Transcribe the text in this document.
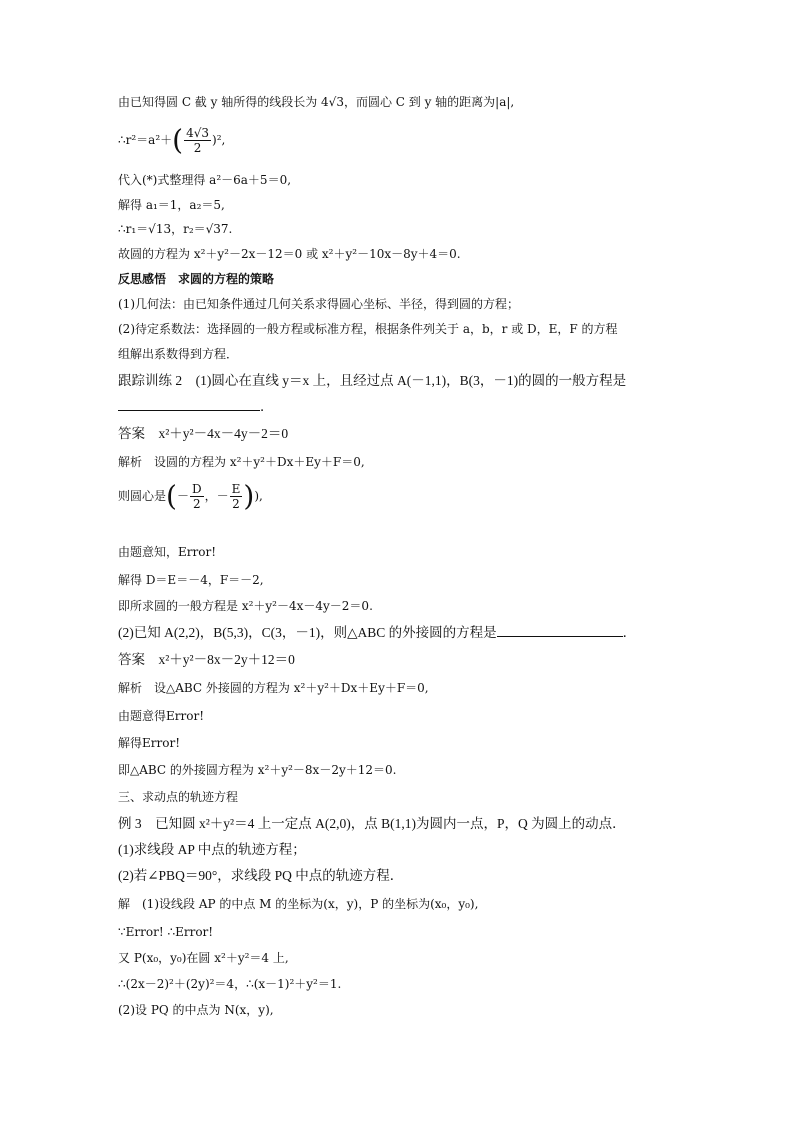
由已知得圆 C 截 y 轴所得的线段长为 4√3，而圆心 C 到 y 轴的距离为|a|,
∴r²＝a²＋( $\frac{4√3}{2} )^2$,
代入(*)式整理得 a²－6a＋5＝0,
解得 a₁＝1，a₂＝5,
∴r₁＝√13，r₂＝√37.
故圆的方程为 x²＋y²－2x－12＝0 或 x²＋y²－10x－8y＋4＝0.
反思感悟　求圆的方程的策略
(1)几何法：由已知条件通过几何关系求得圆心坐标、半径，得到圆的方程；
(2)待定系数法：选择圆的一般方程或标准方程，根据条件列关于 a，b，r 或 D，E，F 的方程
组解出系数得到方程．
跟踪训练 2　(1)圆心在直线 y＝x 上，且经过点 A(－1,1)，B(3，－1)的圆的一般方程是
．
答案　x²＋y²－4x－4y－2＝0
解析　设圆的方程为 x²＋y²＋Dx＋Ey＋F＝0,
则圆心是(－ $\frac{D}{2}$ ，－ $\frac{E}{2}$ )),
由题意知，Error!
解得 D＝E＝－4，F＝－2,
即所求圆的一般方程是 x²＋y²－4x－4y－2＝0.
(2)已知 A(2,2)，B(5,3)，C(3，－1)，则△ABC 的外接圆的方程是	．
答案　x²＋y²－8x－2y＋12＝0
解析　设△ABC 外接圆的方程为 x²＋y²＋Dx＋Ey＋F＝0,
由题意得Error!
解得Error!
即△ABC 的外接圆方程为 x²＋y²－8x－2y＋12＝0.
三、求动点的轨迹方程
例 3　已知圆 x²＋y²＝4 上一定点 A(2,0)，点 B(1,1)为圆内一点，P，Q 为圆上的动点．
(1)求线段 AP 中点的轨迹方程；
(2)若∠PBQ＝90°，求线段 PQ 中点的轨迹方程．
解　(1)设线段 AP 的中点 M 的坐标为(x，y)，P 的坐标为(x₀，y₀),
∵Error! ∴Error!
又 P(x₀，y₀)在圆 x²＋y²＝4 上,
∴(2x－2)²＋(2y)²＝4，∴(x－1)²＋y²＝1.
(2)设 PQ 的中点为 N(x，y),
